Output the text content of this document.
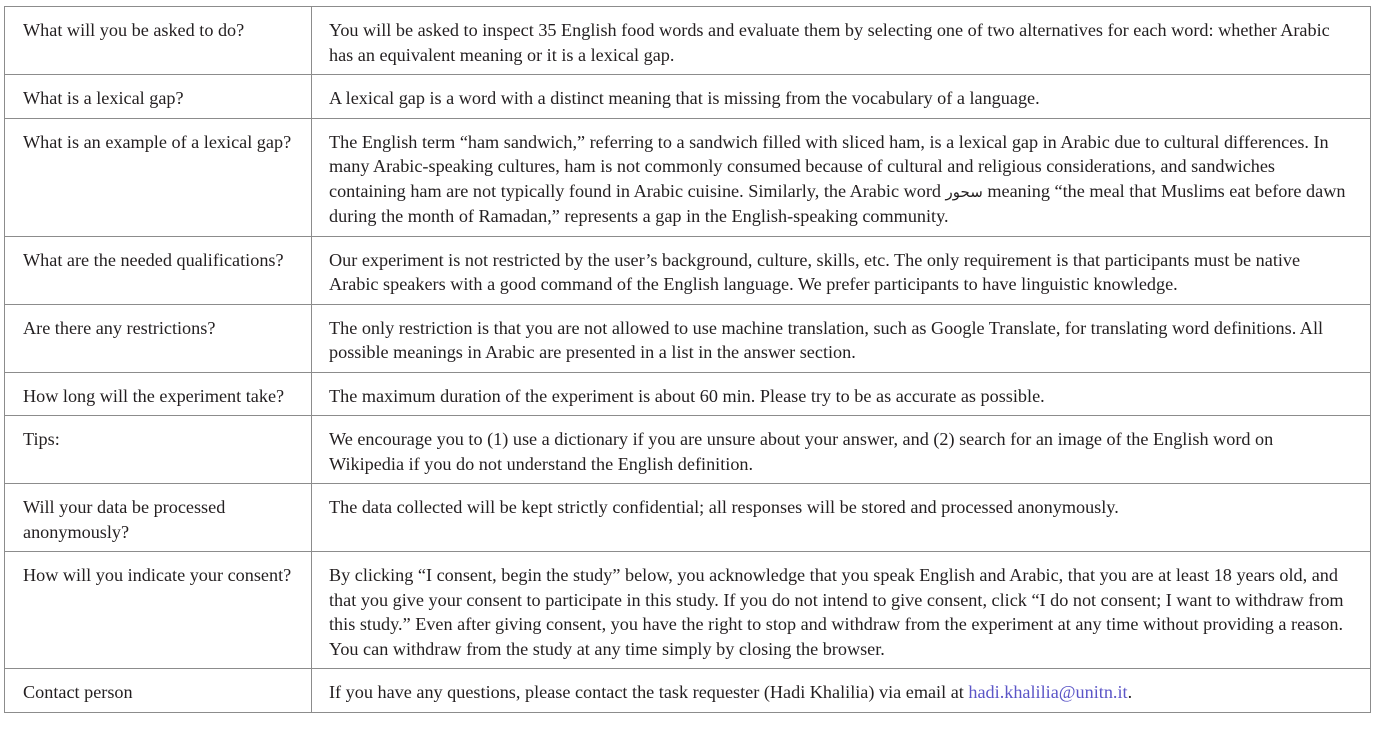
What will you be asked to do?	You will be asked to inspect 35 English food words and evaluate them by selecting one of two alternatives for each word: whether Arabic has an equivalent meaning or it is a lexical gap.
What is a lexical gap?	A lexical gap is a word with a distinct meaning that is missing from the vocabulary of a language.
What is an example of a lexical gap?	The English term “ham sandwich,” referring to a sandwich filled with sliced ham, is a lexical gap in Arabic due to cultural differences. In many Arabic-speaking cultures, ham is not commonly consumed because of cultural and religious considerations, and sandwiches containing ham are not typically found in Arabic cuisine. Similarly, the Arabic word سحور meaning “the meal that Muslims eat before dawn during the month of Ramadan,” represents a gap in the English-speaking community.
What are the needed qualifications?	Our experiment is not restricted by the user’s background, culture, skills, etc. The only requirement is that participants must be native Arabic speakers with a good command of the English language. We prefer participants to have linguistic knowledge.
Are there any restrictions?	The only restriction is that you are not allowed to use machine translation, such as Google Translate, for translating word definitions. All possible meanings in Arabic are presented in a list in the answer section.
How long will the experiment take?	The maximum duration of the experiment is about 60 min. Please try to be as accurate as possible.
Tips:	We encourage you to (1) use a dictionary if you are unsure about your answer, and (2) search for an image of the English word on Wikipedia if you do not understand the English definition.
Will your data be processed anonymously?	The data collected will be kept strictly confidential; all responses will be stored and processed anonymously.
How will you indicate your consent?	By clicking “I consent, begin the study” below, you acknowledge that you speak English and Arabic, that you are at least 18 years old, and that you give your consent to participate in this study. If you do not intend to give consent, click “I do not consent; I want to withdraw from this study.” Even after giving consent, you have the right to stop and withdraw from the experiment at any time without providing a reason. You can withdraw from the study at any time simply by closing the browser.
Contact person	If you have any questions, please contact the task requester (Hadi Khalilia) via email at hadi.khalilia@unitn.it.
